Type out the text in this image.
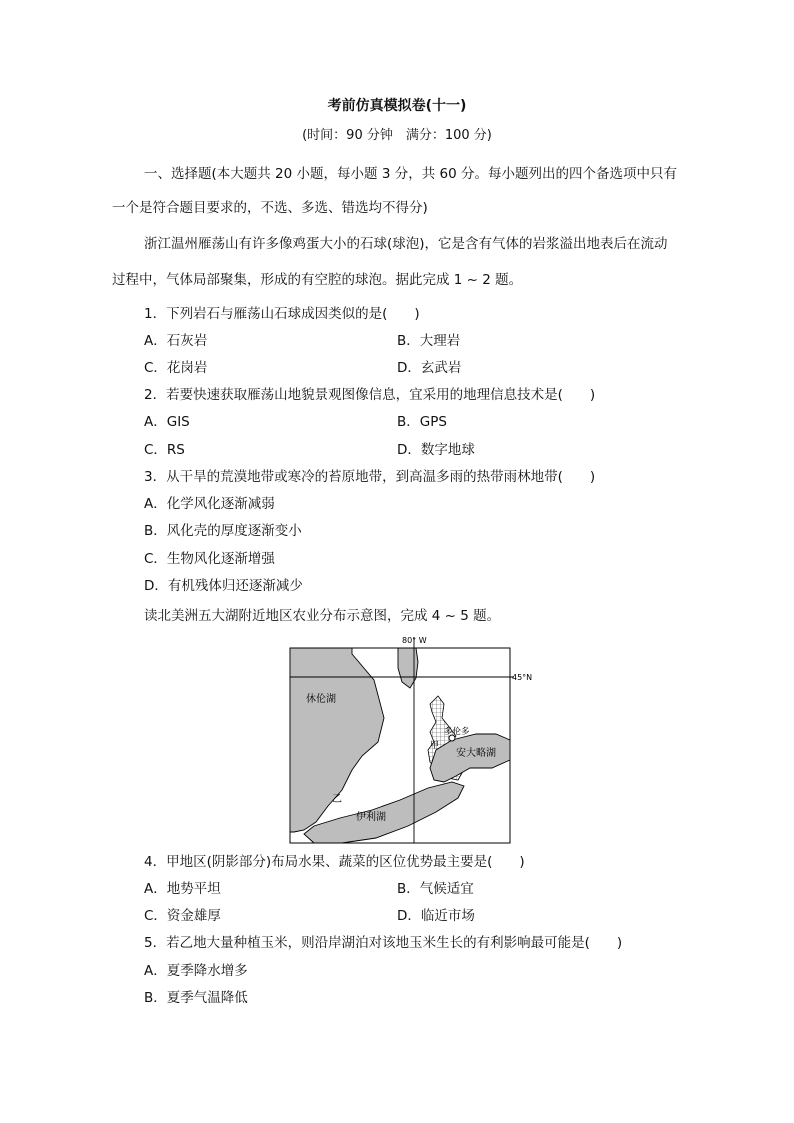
考前仿真模拟卷(十一)
(时间：90 分钟　满分：100 分)
一、选择题(本大题共 20 小题，每小题 3 分，共 60 分。每小题列出的四个备选项中只有
一个是符合题目要求的，不选、多选、错选均不得分)
浙江温州雁荡山有许多像鸡蛋大小的石球(球泡)，它是含有气体的岩浆溢出地表后在流动
过程中，气体局部聚集，形成的有空腔的球泡。据此完成 1 ~ 2 题。
1．下列岩石与雁荡山石球成因类似的是(　　)
A．石灰岩	B．大理岩
C．花岗岩	D．玄武岩
2．若要快速获取雁荡山地貌景观图像信息，宜采用的地理信息技术是(　　)
A．GIS	B．GPS
C．RS	D．数字地球
3．从干旱的荒漠地带或寒冷的苔原地带，到高温多雨的热带雨林地带(　　)
A．化学风化逐渐减弱
B．风化壳的厚度逐渐变小
C．生物风化逐渐增强
D．有机残体归还逐渐减少
读北美洲五大湖附近地区农业分布示意图，完成 4 ~ 5 题。
80° W
45°N
休伦湖
多伦多
甲
安大略湖
乙
伊利湖
4．甲地区(阴影部分)布局水果、蔬菜的区位优势最主要是(　　)
A．地势平坦	B．气候适宜
C．资金雄厚	D．临近市场
5．若乙地大量种植玉米，则沿岸湖泊对该地玉米生长的有利影响最可能是(　　)
A．夏季降水增多
B．夏季气温降低
